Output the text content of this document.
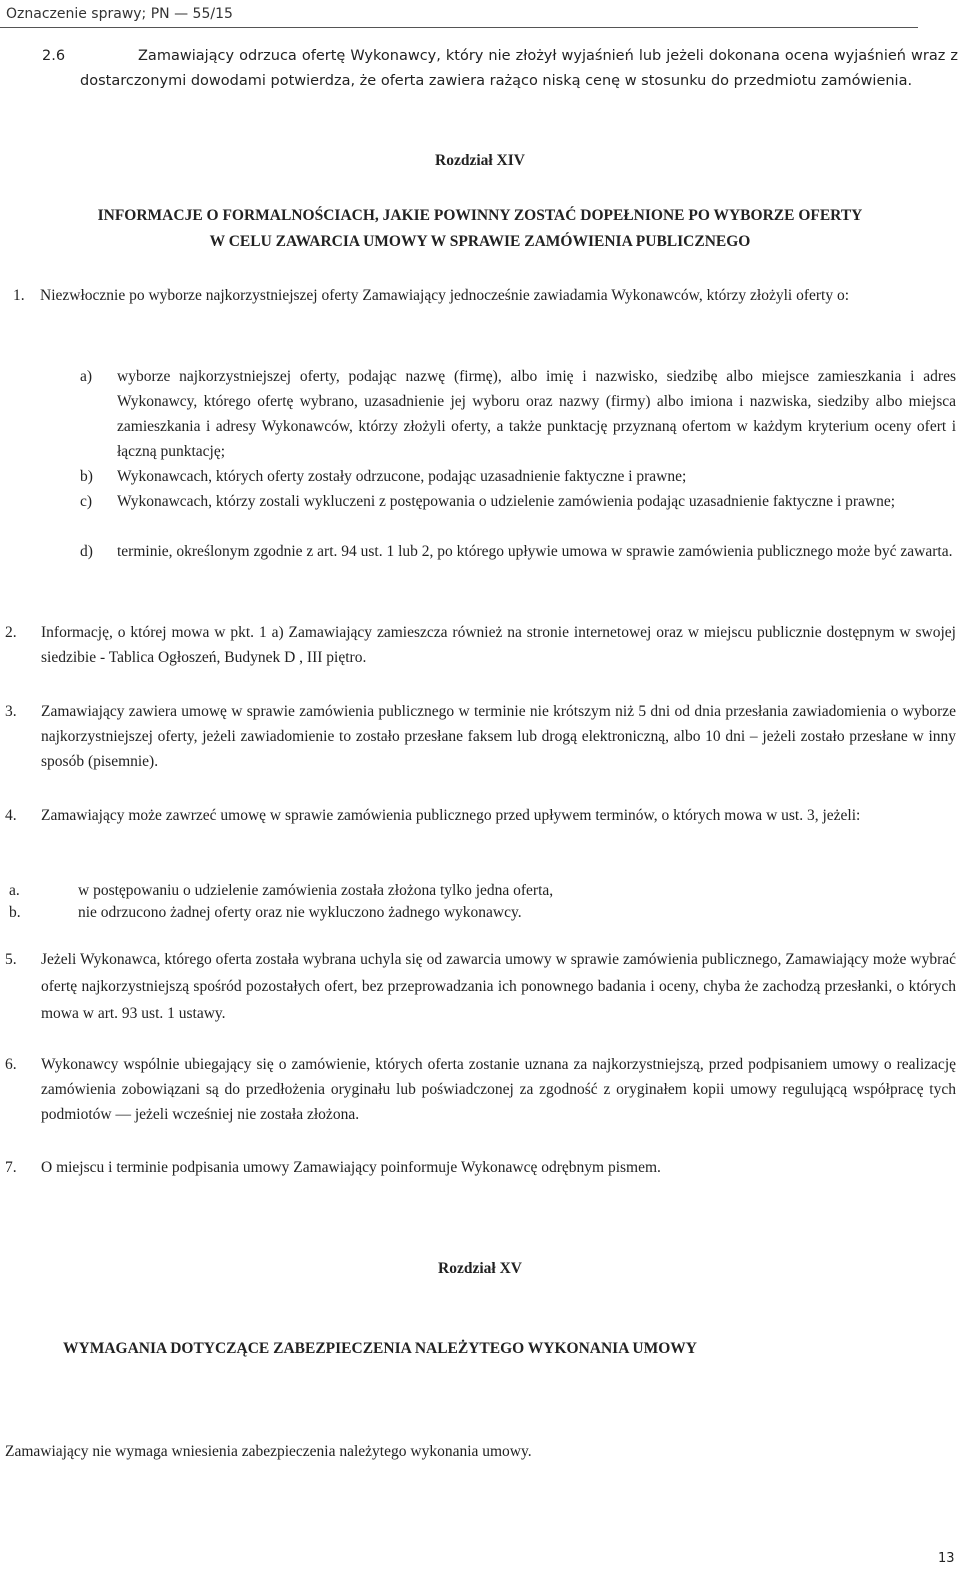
Oznaczenie sprawy; PN — 55/15
2.6	Zamawiający odrzuca ofertę Wykonawcy, który nie złożył wyjaśnień lub jeżeli dokonana ocena wyjaśnień wraz z dostarczonymi dowodami potwierdza, że oferta zawiera rażąco niską cenę w stosunku do przedmiotu zamówienia.
Rozdział XIV
INFORMACJE O FORMALNOŚCIACH, JAKIE POWINNY ZOSTAĆ DOPEŁNIONE PO WYBORZE OFERTY
W CELU ZAWARCIA UMOWY W SPRAWIE ZAMÓWIENIA PUBLICZNEGO
1. Niezwłocznie po wyborze najkorzystniejszej oferty Zamawiający jednocześnie zawiadamia Wykonawców, którzy złożyli oferty o:
a) wyborze najkorzystniejszej oferty, podając nazwę (firmę), albo imię i nazwisko, siedzibę albo miejsce zamieszkania i adres Wykonawcy, którego ofertę wybrano, uzasadnienie jej wyboru oraz nazwy (firmy) albo imiona i nazwiska, siedziby albo miejsca zamieszkania i adresy Wykonawców, którzy złożyli oferty, a także punktację przyznaną ofertom w każdym kryterium oceny ofert i łączną punktację;
b) Wykonawcach, których oferty zostały odrzucone, podając uzasadnienie faktyczne i prawne;
c) Wykonawcach, którzy zostali wykluczeni z postępowania o udzielenie zamówienia podając uzasadnienie faktyczne i prawne;
d) terminie, określonym zgodnie z art. 94 ust. 1 lub 2, po którego upływie umowa w sprawie zamówienia publicznego może być zawarta.
2. Informację, o której mowa w pkt. 1 a) Zamawiający zamieszcza również na stronie internetowej oraz w miejscu publicznie dostępnym w swojej siedzibie - Tablica Ogłoszeń, Budynek D , III piętro.
3. Zamawiający zawiera umowę w sprawie zamówienia publicznego w terminie nie krótszym niż 5 dni od dnia przesłania zawiadomienia o wyborze najkorzystniejszej oferty, jeżeli zawiadomienie to zostało przesłane faksem lub drogą elektroniczną, albo 10 dni – jeżeli zostało przesłane w inny sposób (pisemnie).
4. Zamawiający może zawrzeć umowę w sprawie zamówienia publicznego przed upływem terminów, o których mowa w ust. 3, jeżeli:
a.	w postępowaniu o udzielenie zamówienia została złożona tylko jedna oferta,
b.	nie odrzucono żadnej oferty oraz nie wykluczono żadnego wykonawcy.
5. Jeżeli Wykonawca, którego oferta została wybrana uchyla się od zawarcia umowy w sprawie zamówienia publicznego, Zamawiający może wybrać ofertę najkorzystniejszą spośród pozostałych ofert, bez przeprowadzania ich ponownego badania i oceny, chyba że zachodzą przesłanki, o których mowa w art. 93 ust. 1 ustawy.
6. Wykonawcy wspólnie ubiegający się o zamówienie, których oferta zostanie uznana za najkorzystniejszą, przed podpisaniem umowy o realizację zamówienia zobowiązani są do przedłożenia oryginału lub poświadczonej za zgodność z oryginałem kopii umowy regulującą współpracę tych podmiotów — jeżeli wcześniej nie została złożona.
7. O miejscu i terminie podpisania umowy Zamawiający poinformuje Wykonawcę odrębnym pismem.
Rozdział XV
WYMAGANIA DOTYCZĄCE ZABEZPIECZENIA NALEŻYTEGO WYKONANIA UMOWY
Zamawiający nie wymaga wniesienia zabezpieczenia należytego wykonania umowy.
13
